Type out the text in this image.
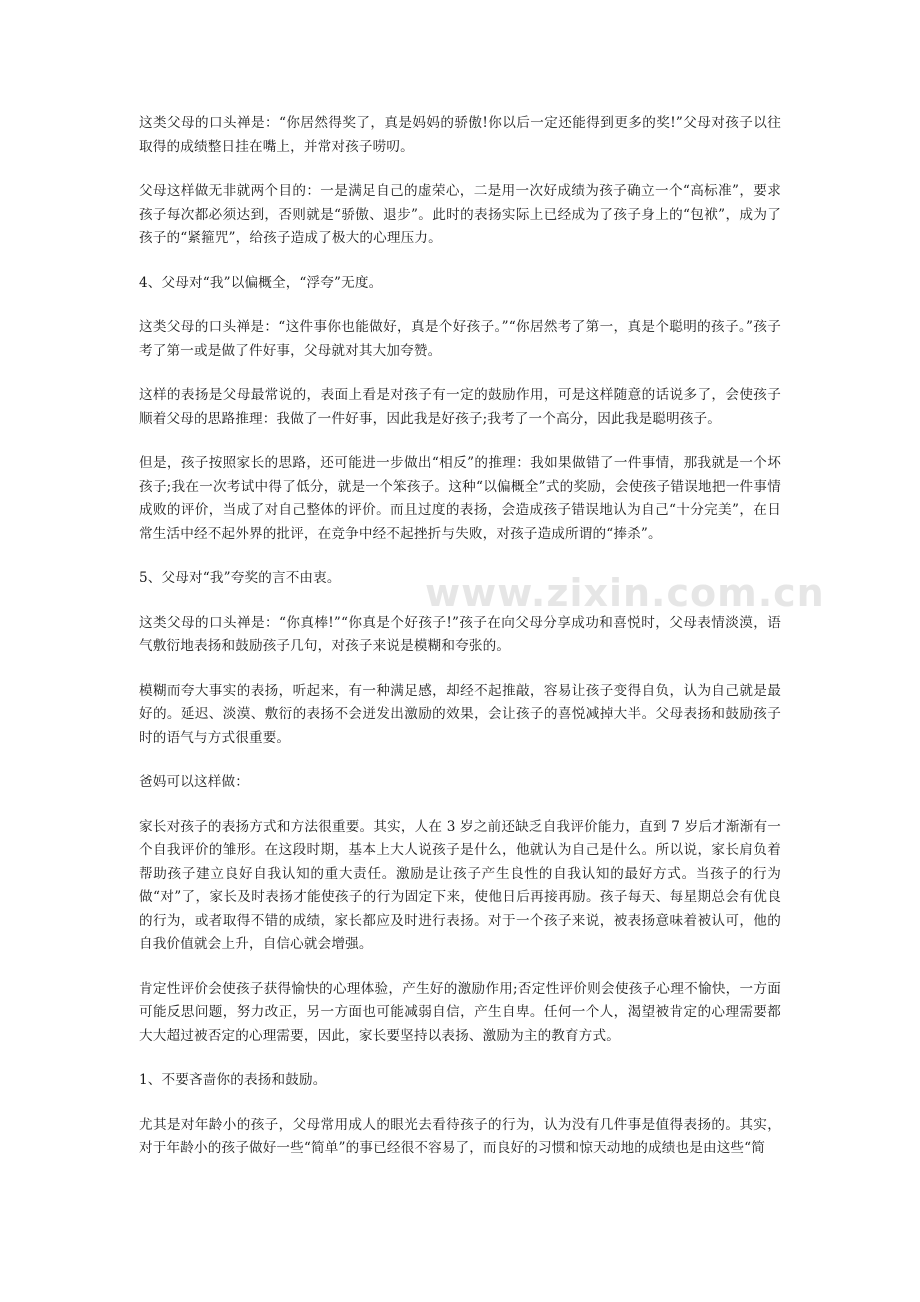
www.zixin.com.cn

这类父母的口头禅是：“你居然得奖了，真是妈妈的骄傲!你以后一定还能得到更多的奖!”父母对孩子以往取得的成绩整日挂在嘴上，并常对孩子唠叨。

父母这样做无非就两个目的：一是满足自己的虚荣心，二是用一次好成绩为孩子确立一个“高标准”，要求孩子每次都必须达到，否则就是“骄傲、退步”。此时的表扬实际上已经成为了孩子身上的“包袱”，成为了孩子的“紧箍咒”，给孩子造成了极大的心理压力。

4、父母对“我”以偏概全，“浮夸”无度。

这类父母的口头禅是：“这件事你也能做好，真是个好孩子。”“你居然考了第一，真是个聪明的孩子。”孩子考了第一或是做了件好事，父母就对其大加夸赞。

这样的表扬是父母最常说的，表面上看是对孩子有一定的鼓励作用，可是这样随意的话说多了，会使孩子顺着父母的思路推理：我做了一件好事，因此我是好孩子;我考了一个高分，因此我是聪明孩子。

但是，孩子按照家长的思路，还可能进一步做出“相反”的推理：我如果做错了一件事情，那我就是一个坏孩子;我在一次考试中得了低分，就是一个笨孩子。这种“以偏概全”式的奖励，会使孩子错误地把一件事情成败的评价，当成了对自己整体的评价。而且过度的表扬，会造成孩子错误地认为自己“十分完美”，在日常生活中经不起外界的批评，在竞争中经不起挫折与失败，对孩子造成所谓的“捧杀”。

5、父母对“我”夸奖的言不由衷。

这类父母的口头禅是：“你真棒!”“你真是个好孩子!”孩子在向父母分享成功和喜悦时，父母表情淡漠，语气敷衍地表扬和鼓励孩子几句，对孩子来说是模糊和夸张的。

模糊而夸大事实的表扬，听起来，有一种满足感，却经不起推敲，容易让孩子变得自负，认为自己就是最好的。延迟、淡漠、敷衍的表扬不会迸发出激励的效果，会让孩子的喜悦减掉大半。父母表扬和鼓励孩子时的语气与方式很重要。

爸妈可以这样做：

家长对孩子的表扬方式和方法很重要。其实，人在 3 岁之前还缺乏自我评价能力，直到 7 岁后才渐渐有一个自我评价的雏形。在这段时期，基本上大人说孩子是什么，他就认为自己是什么。所以说，家长肩负着帮助孩子建立良好自我认知的重大责任。激励是让孩子产生良性的自我认知的最好方式。当孩子的行为做“对”了，家长及时表扬才能使孩子的行为固定下来，使他日后再接再励。孩子每天、每星期总会有优良的行为，或者取得不错的成绩，家长都应及时进行表扬。对于一个孩子来说，被表扬意味着被认可，他的自我价值就会上升，自信心就会增强。

肯定性评价会使孩子获得愉快的心理体验，产生好的激励作用;否定性评价则会使孩子心理不愉快，一方面可能反思问题，努力改正，另一方面也可能减弱自信，产生自卑。任何一个人，渴望被肯定的心理需要都大大超过被否定的心理需要，因此，家长要坚持以表扬、激励为主的教育方式。

1、不要吝啬你的表扬和鼓励。

尤其是对年龄小的孩子，父母常用成人的眼光去看待孩子的行为，认为没有几件事是值得表扬的。其实，对于年龄小的孩子做好一些“简单”的事已经很不容易了，而良好的习惯和惊天动地的成绩也是由这些“简
